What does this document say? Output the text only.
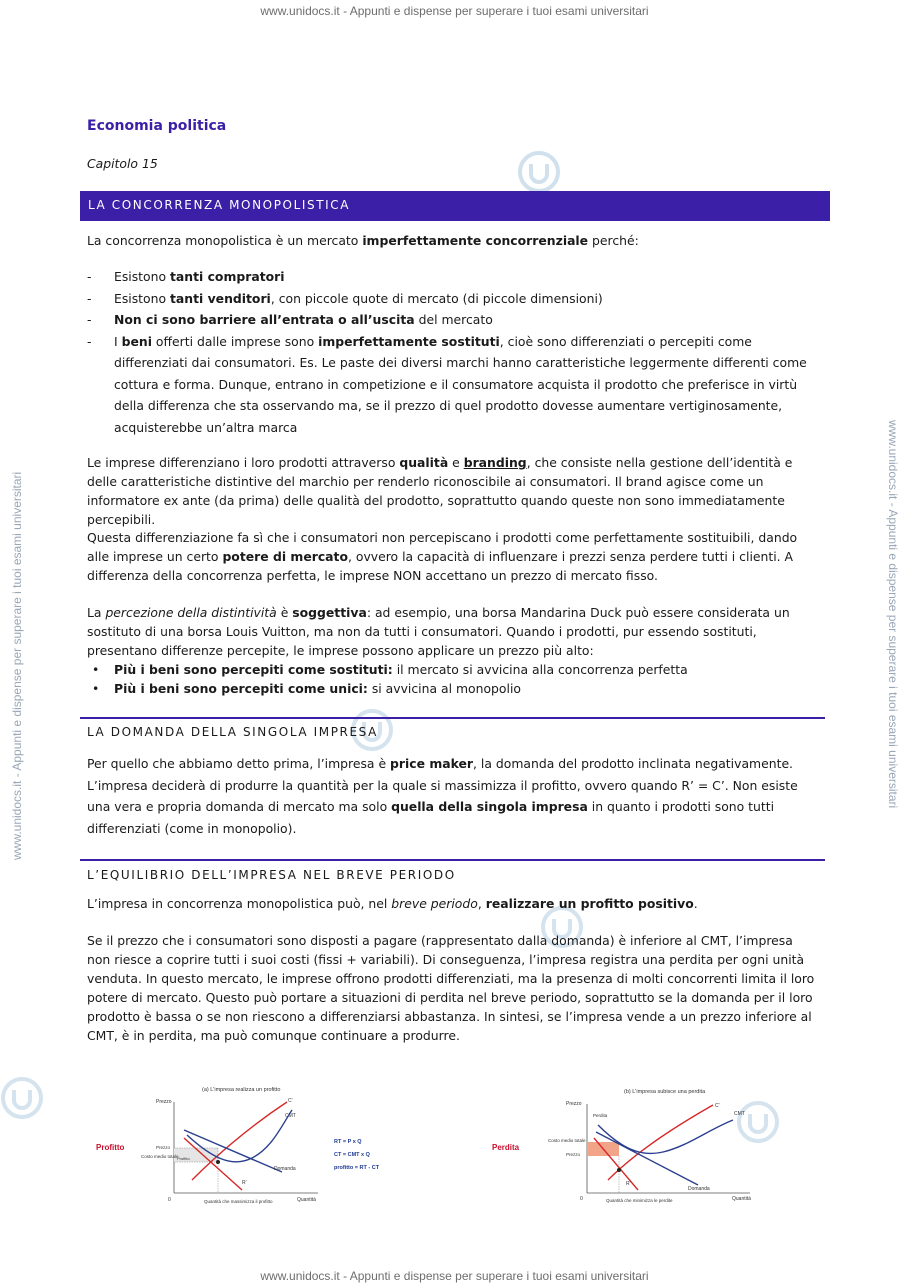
www.unidocs.it - Appunti e dispense per superare i tuoi esami universitari
www.unidocs.it - Appunti e dispense per superare i tuoi esami universitari
www.unidocs.it - Appunti e dispense per superare i tuoi esami universitari	www.unidocs.it - Appunti e dispense per superare i tuoi esami universitari
Economia politica
Capitolo 15
LA CONCORRENZA MONOPOLISTICA

La concorrenza monopolistica è un mercato imperfettamente concorrenziale perché:

- Esistono tanti compratori
- Esistono tanti venditori, con piccole quote di mercato (di piccole dimensioni)
- Non ci sono barriere all’entrata o all’uscita del mercato
- I beni offerti dalle imprese sono imperfettamente sostituti, cioè sono differenziati o percepiti come differenziati dai consumatori. Es. Le paste dei diversi marchi hanno caratteristiche leggermente differenti come cottura e forma. Dunque, entrano in competizione e il consumatore acquista il prodotto che preferisce in virtù della differenza che sta osservando ma, se il prezzo di quel prodotto dovesse aumentare vertiginosamente, acquisterebbe un’altra marca

Le imprese differenziano i loro prodotti attraverso qualità e branding, che consiste nella gestione dell’identità e delle caratteristiche distintive del marchio per renderlo riconoscibile ai consumatori. Il brand agisce come un informatore ex ante (da prima) delle qualità del prodotto, soprattutto quando queste non sono immediatamente percepibili.

Questa differenziazione fa sì che i consumatori non percepiscano i prodotti come perfettamente sostituibili, dando alle imprese un certo potere di mercato, ovvero la capacità di influenzare i prezzi senza perdere tutti i clienti. A differenza della concorrenza perfetta, le imprese NON accettano un prezzo di mercato fisso.

La percezione della distintività è soggettiva: ad esempio, una borsa Mandarina Duck può essere considerata un sostituto di una borsa Louis Vuitton, ma non da tutti i consumatori. Quando i prodotti, pur essendo sostituti, presentano differenze percepite, le imprese possono applicare un prezzo più alto:

• Più i beni sono percepiti come sostituti: il mercato si avvicina alla concorrenza perfetta
• Più i beni sono percepiti come unici: si avvicina al monopolio
LA DOMANDA DELLA SINGOLA IMPRESA

Per quello che abbiamo detto prima, l’impresa è price maker, la domanda del prodotto inclinata negativamente. L’impresa deciderà di produrre la quantità per la quale si massimizza il profitto, ovvero quando R’ = C’. Non esiste una vera e propria domanda di mercato ma solo quella della singola impresa in quanto i prodotti sono tutti differenziati (come in monopolio).

L’EQUILIBRIO DELL’IMPRESA NEL BREVE PERIODO

L’impresa in concorrenza monopolistica può, nel breve periodo, realizzare un profitto positivo.

Se il prezzo che i consumatori sono disposti a pagare (rappresentato dalla domanda) è inferiore al CMT, l’impresa non riesce a coprire tutti i suoi costi (fissi + variabili). Di conseguenza, l’impresa registra una perdita per ogni unità venduta. In questo mercato, le imprese offrono prodotti differenziati, ma la presenza di molti concorrenti limita il loro potere di mercato. Questo può portare a situazioni di perdita nel breve periodo, soprattutto se la domanda per il loro prodotto è bassa o se non riescono a differenziarsi abbastanza. In sintesi, se l’impresa vende a un prezzo inferiore al CMT, è in perdita, ma può comunque continuare a produrre.

(a) L'impresa realizza un profitto
Profitto
Prezzo
Quantità
0
Prezzo
Costo medio totale
Profitto
Quantità che massimizza il profitto
C'
CMT
Domanda
R'
RT = P x Q
CT = CMT x Q
profitto = RT - CT
(b) L'impresa subisce una perdita
Perdita
Prezzo
Quantità
0
Perdita
Costo medio totale
Prezzo
Quantità che minimizza le perdite
C'
CMT
Domanda
R'
